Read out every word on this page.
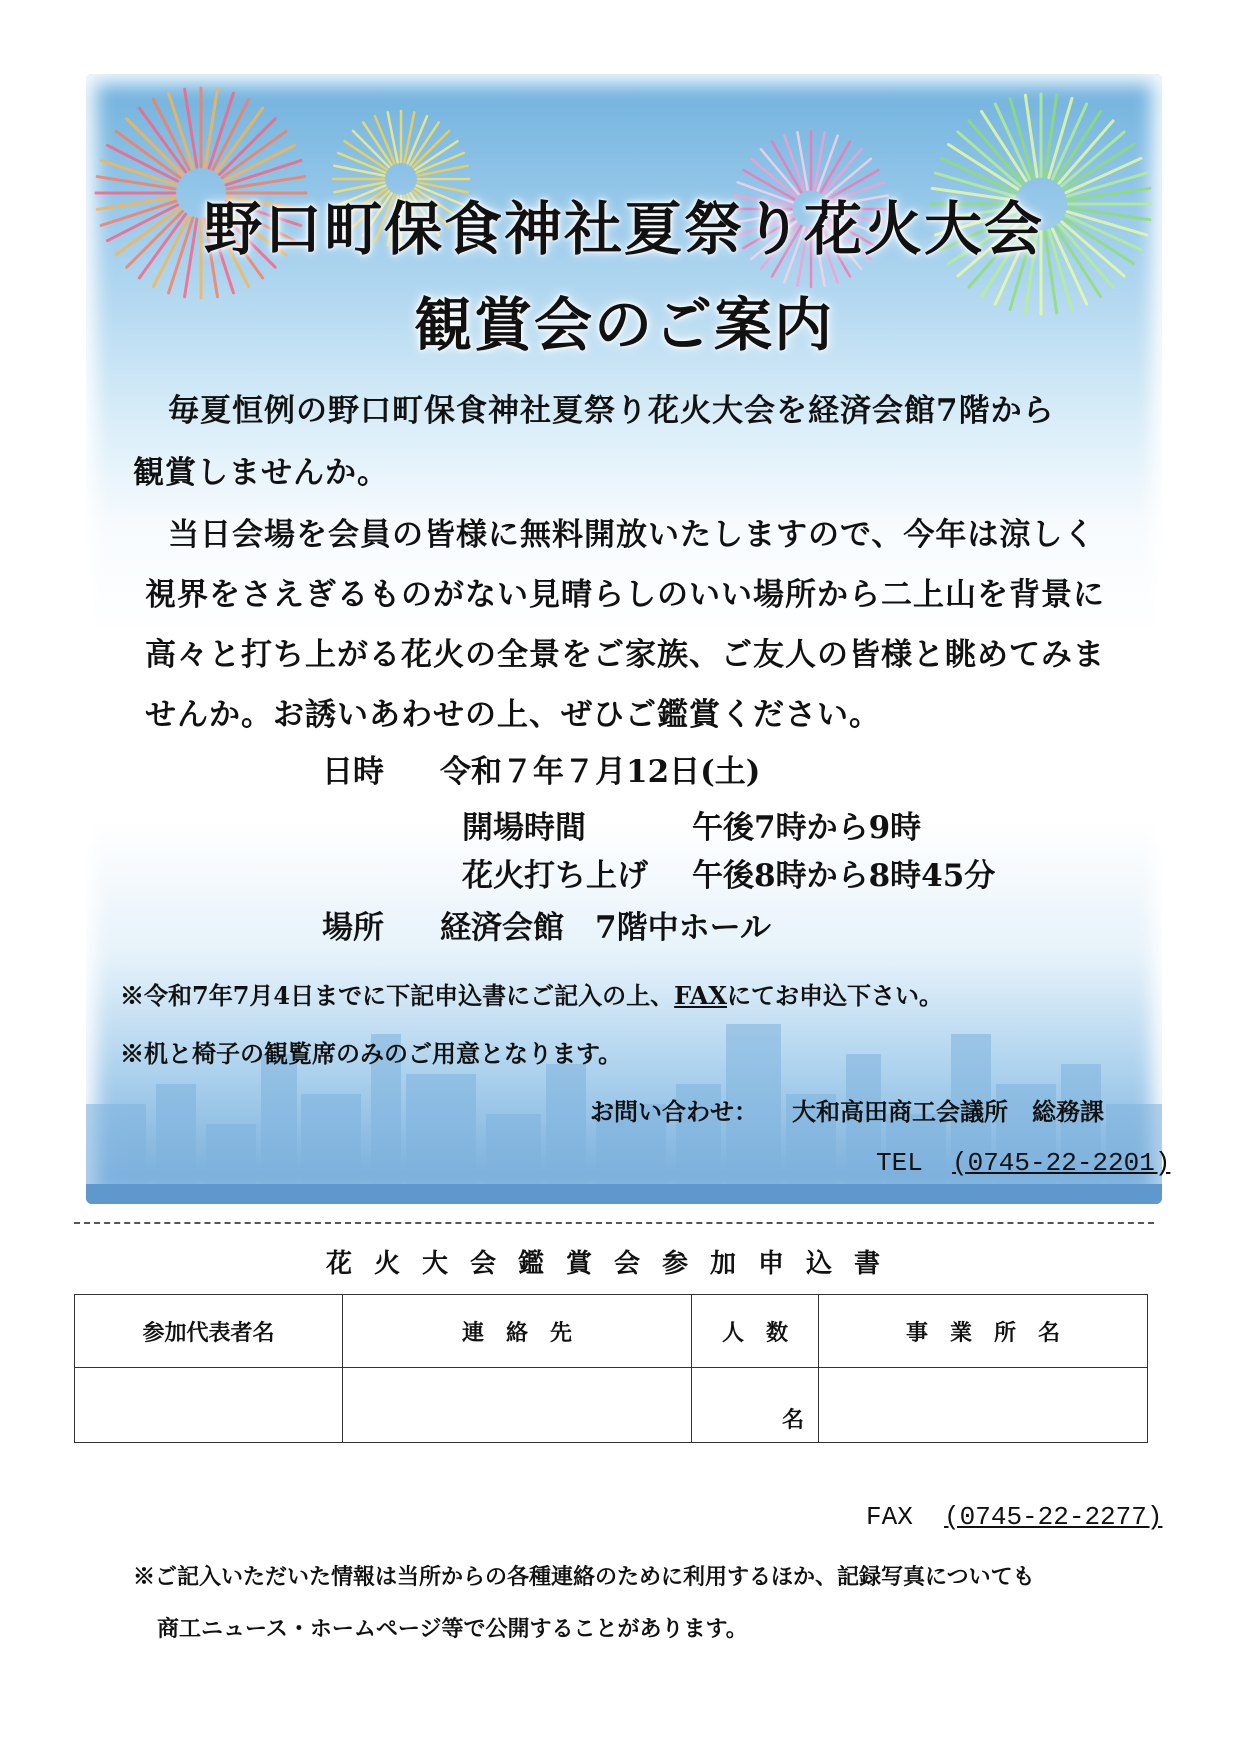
野口町保食神社夏祭り花火大会
観賞会のご案内
毎夏恒例の野口町保食神社夏祭り花火大会を経済会館7階から
観賞しませんか。
当日会場を会員の皆様に無料開放いたしますので、今年は涼しく
視界をさえぎるものがない見晴らしのいい場所から二上山を背景に
高々と打ち上がる花火の全景をご家族、ご友人の皆様と眺めてみま
せんか。お誘いあわせの上、ぜひご鑑賞ください。
日時 令和７年７月12日(土)
開場時間	午後7時から9時
花火打ち上げ 午後8時から8時45分
場所 経済会館　7階中ホール
※令和7年7月4日までに下記申込書にご記入の上、FAXにてお申込下さい。
※机と椅子の観覧席のみのご用意となります。
お問い合わせ： 大和高田商工会議所　総務課
TEL (0745-22-2201)
花火大会鑑賞会参加申込書
参加代表者名	連　絡　先	人　数	事　業　所　名
		名	
FAX (0745-22-2277)
※ご記入いただいた情報は当所からの各種連絡のために利用するほか、記録写真についても
商工ニュース・ホームページ等で公開することがあります。
